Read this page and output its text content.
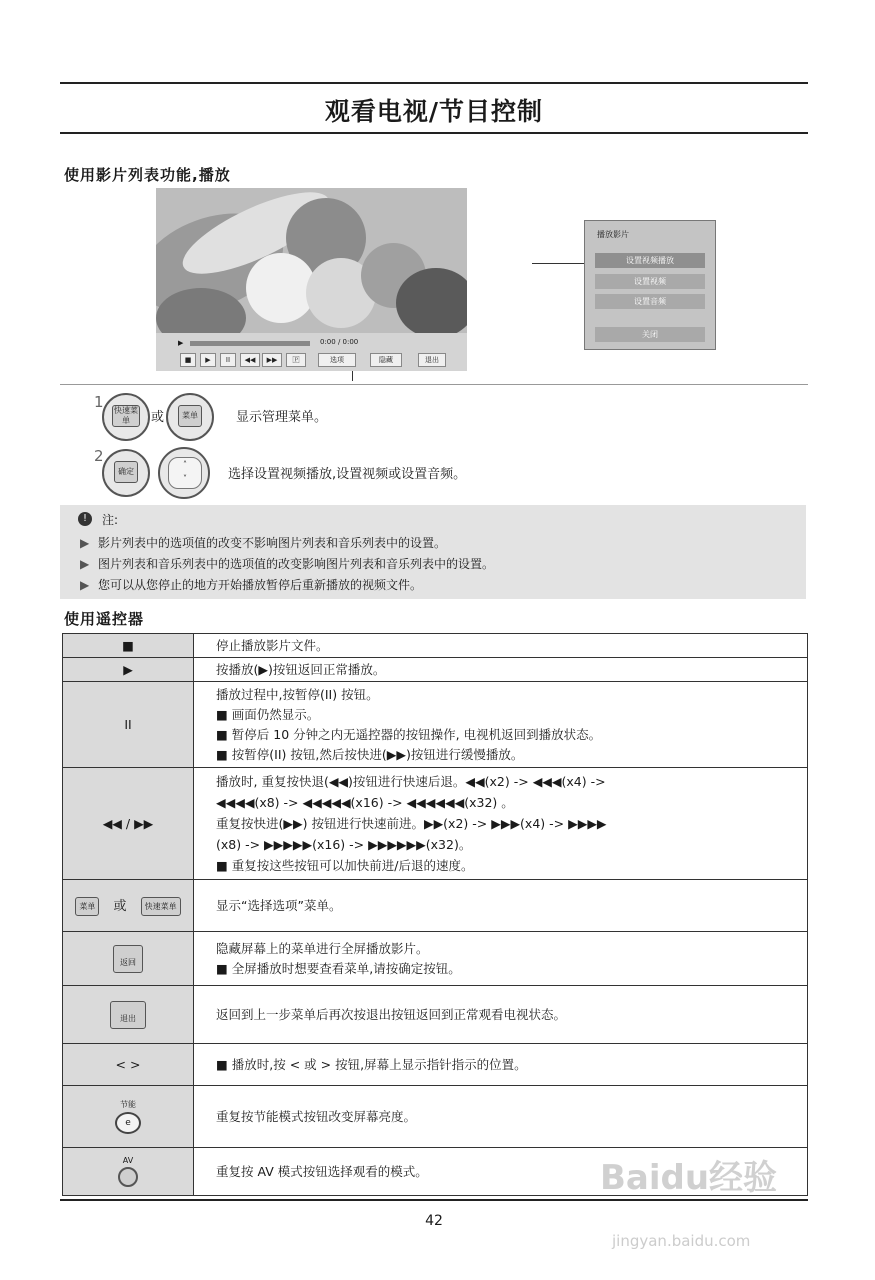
观看电视/节目控制
使用影片列表功能,播放
▶	0:00 / 0:00
■	▶	II	◀◀	▶▶	🄿	选项	隐藏	退出
播放影片
设置视频播放
设置视频
设置音频
关闭
1 快速菜单	或	菜单	显示管理菜单。
2
确定
˄
˅	选择设置视频播放,设置视频或设置音频。
!	注:
▶ 影片列表中的选项值的改变不影响图片列表和音乐列表中的设置。
▶ 图片列表和音乐列表中的选项值的改变影响图片列表和音乐列表中的设置。
▶ 您可以从您停止的地方开始播放暂停后重新播放的视频文件。
使用遥控器
■	停止播放影片文件。

▶	按播放(▶)按钮返回正常播放。

II	播放过程中,按暂停(II) 按钮。
■ 画面仍然显示。
■ 暂停后 10 分钟之内无遥控器的按钮操作, 电视机返回到播放状态。
■ 按暂停(II) 按钮,然后按快进(▶▶)按钮进行缓慢播放。

◀◀ / ▶▶	播放时, 重复按快退(◀◀)按钮进行快速后退。◀◀(x2) -> ◀◀◀(x4) ->
◀◀◀◀(x8) -> ◀◀◀◀◀(x16) -> ◀◀◀◀◀◀(x32) 。
重复按快进(▶▶) 按钮进行快速前进。▶▶(x2) -> ▶▶▶(x4) -> ▶▶▶▶
(x8) -> ▶▶▶▶▶(x16) -> ▶▶▶▶▶▶(x32)。
■ 重复按这些按钮可以加快前进/后退的速度。

菜单 或 快速菜单	显示“选择选项”菜单。

返回	隐藏屏幕上的菜单进行全屏播放影片。
■ 全屏播放时想要查看菜单,请按确定按钮。

退出	返回到上一步菜单后再次按退出按钮返回到正常观看电视状态。

< >	■ 播放时,按 < 或 > 按钮,屏幕上显示指针指示的位置。

节能
e	重复按节能模式按钮改变屏幕亮度。

AV	重复按 AV 模式按钮选择观看的模式。
42
Baidu经验
jingyan.baidu.com
